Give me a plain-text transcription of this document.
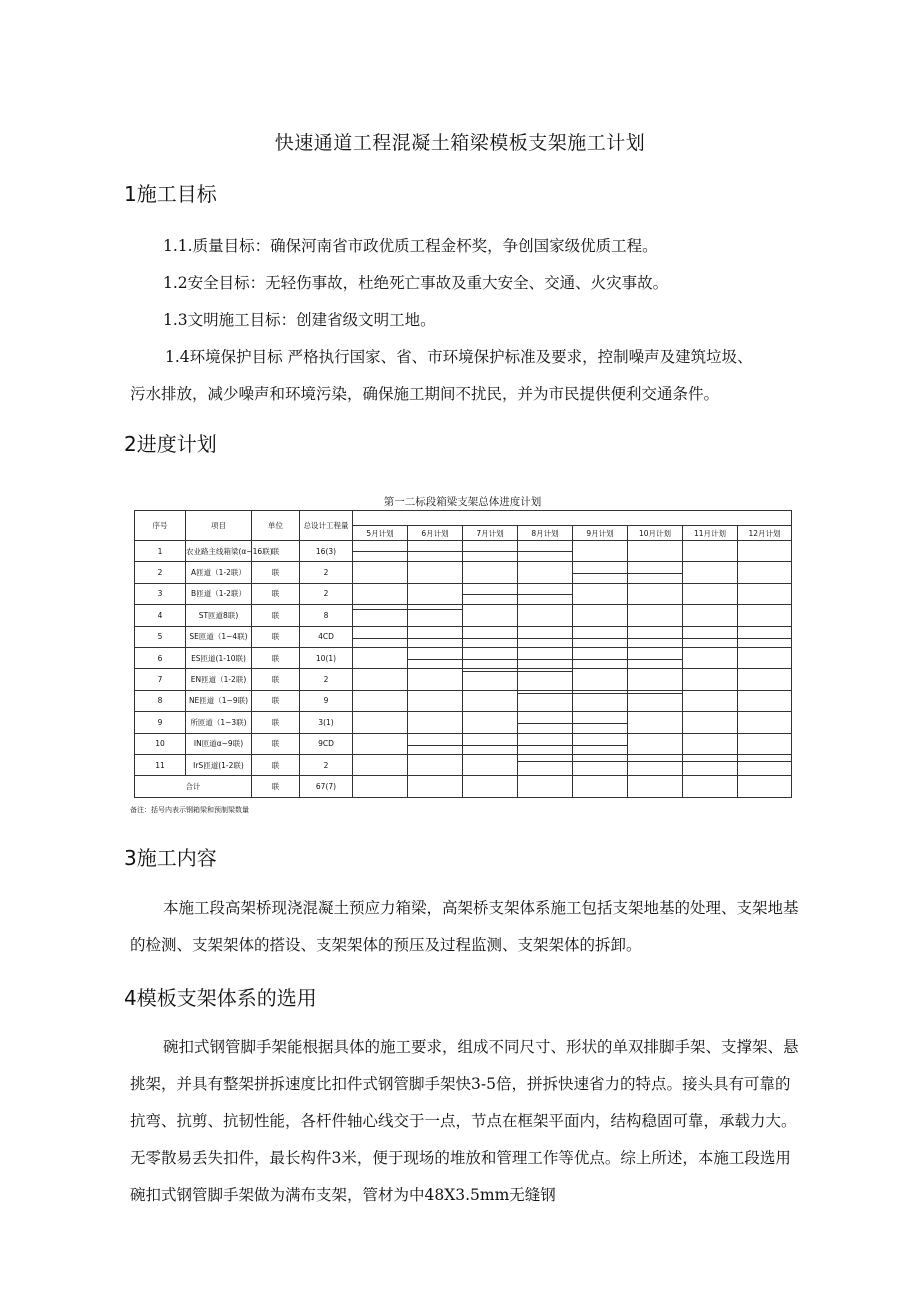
快速通道工程混凝土箱梁模板支架施工计划
1施工目标
1.1.质量目标：确保河南省市政优质工程金杯奖，争创国家级优质工程。
1.2安全目标：无轻伤事故，杜绝死亡事故及重大安全、交通、火灾事故。
1.3文明施工目标：创建省级文明工地。
1.4环境保护目标 严格执行国家、省、市环境保护标准及要求，控制噪声及建筑垃圾、
污水排放，减少噪声和环境污染，确保施工期间不扰民，并为市民提供便利交通条件。
2进度计划
第一二标段箱梁支架总体进度计划
序号	项目	单位	总设计工程量								
				5月计划	6月计划	7月计划	8月计划	9月计划	10月计划	11月计划	12月计划
1	农业路主线箱梁(α~16联)	联	16(3)	

2	A匝道（1-2联）	联	2					

3	B匝道（1-2联）	联	2			

4	ST匝道8联)	联	8	

5	SE匝道（1~4联)	联	4CD	

6	ES匝道(1-10联)	联	10(1)		

7	EN匝道（1-2联)	联	2			

8	NE匝道（1~9联)	联	9				

9	所匝道（1~3联)	联	3(1)				

10	IN匝道α~9联)	联	9CD		

11	IrS匝道(1-2联)	联	2				

合计		联	67(7)								
备注：括号内表示钢箱梁和预制梁数量
3施工内容

本施工段高架桥现浇混凝土预应力箱梁，高架桥支架体系施工包括支架地基的处理、支架地基的检测、支架架体的搭设、支架架体的预压及过程监测、支架架体的拆卸。

4模板支架体系的选用

碗扣式钢管脚手架能根据具体的施工要求，组成不同尺寸、形状的单双排脚手架、支撑架、悬挑架，并具有整架拼拆速度比扣件式钢管脚手架快3-5倍，拼拆快速省力的特点。接头具有可靠的抗弯、抗剪、抗韧性能，各杆件轴心线交于一点，节点在框架平面内，结构稳固可靠，承载力大。无零散易丢失扣件，最长构件3米，便于现场的堆放和管理工作等优点。综上所述，本施工段选用碗扣式钢管脚手架做为满布支架，管材为中48X3.5mm无缝钢
